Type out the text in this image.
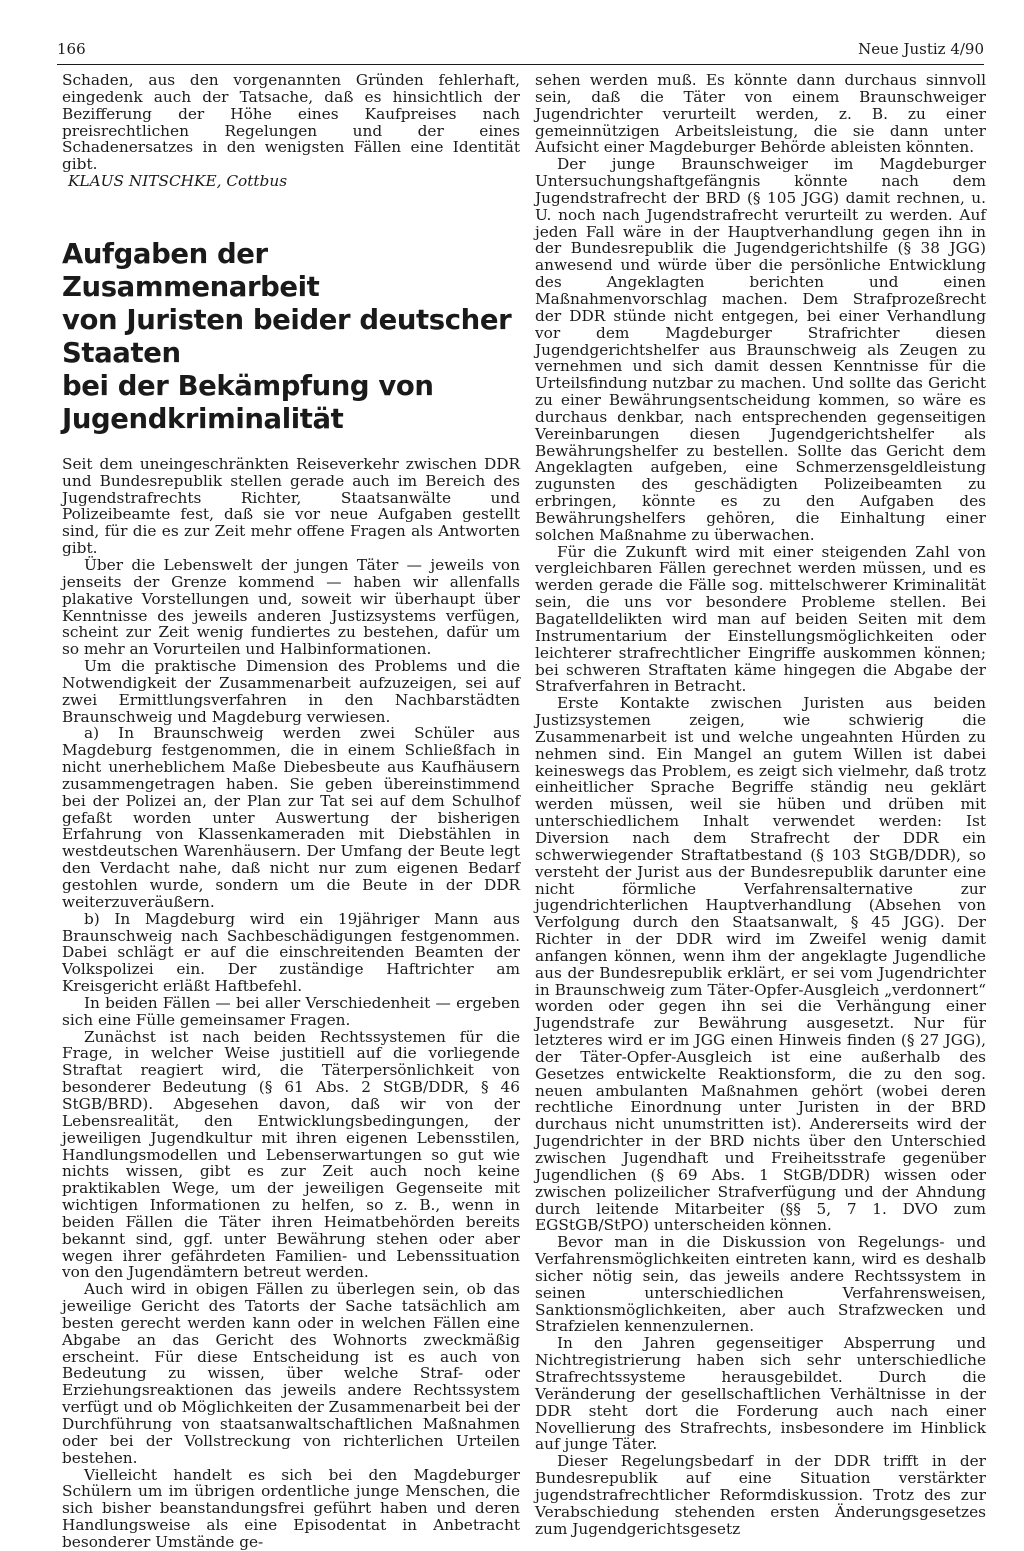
166	Neue Justiz 4/90

Schaden, aus den vorgenannten Gründen fehlerhaft, eingedenk auch der Tatsache, daß es hinsichtlich der Bezifferung der Höhe eines Kaufpreises nach preisrechtlichen Regelungen und der eines Schadenersatzes in den wenigsten Fällen eine Identität gibt.

KLAUS NITSCHKE, Cottbus

Aufgaben der Zusammenarbeit
von Juristen beider deutscher Staaten
bei der Bekämpfung von
Jugendkriminalität

Seit dem uneingeschränkten Reiseverkehr zwischen DDR und Bundesrepublik stellen gerade auch im Bereich des Jugendstrafrechts Richter, Staatsanwälte und Polizeibeamte fest, daß sie vor neue Aufgaben gestellt sind, für die es zur Zeit mehr offene Fragen als Antworten gibt.

Über die Lebenswelt der jungen Täter — jeweils von jenseits der Grenze kommend — haben wir allenfalls plakative Vorstellungen und, soweit wir überhaupt über Kenntnisse des jeweils anderen Justizsystems verfügen, scheint zur Zeit wenig fundiertes zu bestehen, dafür um so mehr an Vorurteilen und Halbinformationen.

Um die praktische Dimension des Problems und die Notwendigkeit der Zusammenarbeit aufzuzeigen, sei auf zwei Ermittlungsverfahren in den Nachbarstädten Braunschweig und Magdeburg verwiesen.

a) In Braunschweig werden zwei Schüler aus Magdeburg festgenommen, die in einem Schließfach in nicht unerheblichem Maße Diebesbeute aus Kaufhäusern zusammengetragen haben. Sie geben übereinstimmend bei der Polizei an, der Plan zur Tat sei auf dem Schulhof gefaßt worden unter Auswertung der bisherigen Erfahrung von Klassenkameraden mit Diebstählen in westdeutschen Warenhäusern. Der Umfang der Beute legt den Verdacht nahe, daß nicht nur zum eigenen Bedarf gestohlen wurde, sondern um die Beute in der DDR weiterzuveräußern.

b) In Magdeburg wird ein 19jähriger Mann aus Braunschweig nach Sachbeschädigungen festgenommen. Dabei schlägt er auf die einschreitenden Beamten der Volkspolizei ein. Der zuständige Haftrichter am Kreisgericht erläßt Haftbefehl.

In beiden Fällen — bei aller Verschiedenheit — ergeben sich eine Fülle gemeinsamer Fragen.

Zunächst ist nach beiden Rechtssystemen für die Frage, in welcher Weise justitiell auf die vorliegende Straftat reagiert wird, die Täterpersönlichkeit von besonderer Bedeutung (§ 61 Abs. 2 StGB/DDR, § 46 StGB/BRD). Abgesehen davon, daß wir von der Lebensrealität, den Entwicklungsbedingungen, der jeweiligen Jugendkultur mit ihren eigenen Lebensstilen, Handlungsmodellen und Lebenserwartungen so gut wie nichts wissen, gibt es zur Zeit auch noch keine praktikablen Wege, um der jeweiligen Gegenseite mit wichtigen Informationen zu helfen, so z. B., wenn in beiden Fällen die Täter ihren Heimatbehörden bereits bekannt sind, ggf. unter Bewährung stehen oder aber wegen ihrer gefährdeten Familien- und Lebenssituation von den Jugendämtern betreut werden.

Auch wird in obigen Fällen zu überlegen sein, ob das jeweilige Gericht des Tatorts der Sache tatsächlich am besten gerecht werden kann oder in welchen Fällen eine Abgabe an das Gericht des Wohnorts zweckmäßig erscheint. Für diese Entscheidung ist es auch von Bedeutung zu wissen, über welche Straf- oder Erziehungsreaktionen das jeweils andere Rechtssystem verfügt und ob Möglichkeiten der Zusammenarbeit bei der Durchführung von staatsanwaltschaftlichen Maßnahmen oder bei der Vollstreckung von richterlichen Urteilen bestehen.

Vielleicht handelt es sich bei den Magdeburger Schülern um im übrigen ordentliche junge Menschen, die sich bisher beanstandungsfrei geführt haben und deren Handlungsweise als eine Episodentat in Anbetracht besonderer Umstände ge-

sehen werden muß. Es könnte dann durchaus sinnvoll sein, daß die Täter von einem Braunschweiger Jugendrichter verurteilt werden, z. B. zu einer gemeinnützigen Arbeitsleistung, die sie dann unter Aufsicht einer Magdeburger Behörde ableisten könnten.

Der junge Braunschweiger im Magdeburger Untersuchungshaftgefängnis könnte nach dem Jugendstrafrecht der BRD (§ 105 JGG) damit rechnen, u. U. noch nach Jugendstrafrecht verurteilt zu werden. Auf jeden Fall wäre in der Hauptverhandlung gegen ihn in der Bundesrepublik die Jugendgerichtshilfe (§ 38 JGG) anwesend und würde über die persönliche Entwicklung des Angeklagten berichten und einen Maßnahmenvorschlag machen. Dem Strafprozeßrecht der DDR stünde nicht entgegen, bei einer Verhandlung vor dem Magdeburger Strafrichter diesen Jugendgerichtshelfer aus Braunschweig als Zeugen zu vernehmen und sich damit dessen Kenntnisse für die Urteilsfindung nutzbar zu machen. Und sollte das Gericht zu einer Bewährungsentscheidung kommen, so wäre es durchaus denkbar, nach entsprechenden gegenseitigen Vereinbarungen diesen Jugendgerichtshelfer als Bewährungshelfer zu bestellen. Sollte das Gericht dem Angeklagten aufgeben, eine Schmerzensgeldleistung zugunsten des geschädigten Polizeibeamten zu erbringen, könnte es zu den Aufgaben des Bewährungshelfers gehören, die Einhaltung einer solchen Maßnahme zu überwachen.

Für die Zukunft wird mit einer steigenden Zahl von vergleichbaren Fällen gerechnet werden müssen, und es werden gerade die Fälle sog. mittelschwerer Kriminalität sein, die uns vor besondere Probleme stellen. Bei Bagatelldelikten wird man auf beiden Seiten mit dem Instrumentarium der Einstellungsmöglichkeiten oder leichterer strafrechtlicher Eingriffe auskommen können; bei schweren Straftaten käme hingegen die Abgabe der Strafverfahren in Betracht.

Erste Kontakte zwischen Juristen aus beiden Justizsystemen zeigen, wie schwierig die Zusammenarbeit ist und welche ungeahnten Hürden zu nehmen sind. Ein Mangel an gutem Willen ist dabei keineswegs das Problem, es zeigt sich vielmehr, daß trotz einheitlicher Sprache Begriffe ständig neu geklärt werden müssen, weil sie hüben und drüben mit unterschiedlichem Inhalt verwendet werden: Ist Diversion nach dem Strafrecht der DDR ein schwerwiegender Straftatbestand (§ 103 StGB/DDR), so versteht der Jurist aus der Bundesrepublik darunter eine nicht förmliche Verfahrensalternative zur jugendrichterlichen Hauptverhandlung (Absehen von Verfolgung durch den Staatsanwalt, § 45 JGG). Der Richter in der DDR wird im Zweifel wenig damit anfangen können, wenn ihm der angeklagte Jugendliche aus der Bundesrepublik erklärt, er sei vom Jugendrichter in Braunschweig zum Täter-Opfer-Ausgleich „verdonnert“ worden oder gegen ihn sei die Verhängung einer Jugendstrafe zur Bewährung ausgesetzt. Nur für letzteres wird er im JGG einen Hinweis finden (§ 27 JGG), der Täter-Opfer-Ausgleich ist eine außerhalb des Gesetzes entwickelte Reaktionsform, die zu den sog. neuen ambulanten Maßnahmen gehört (wobei deren rechtliche Einordnung unter Juristen in der BRD durchaus nicht unumstritten ist). Andererseits wird der Jugendrichter in der BRD nichts über den Unterschied zwischen Jugendhaft und Freiheitsstrafe gegenüber Jugendlichen (§ 69 Abs. 1 StGB/DDR) wissen oder zwischen polizeilicher Strafverfügung und der Ahndung durch leitende Mitarbeiter (§§ 5, 7 1. DVO zum EGStGB/StPO) unterscheiden können.

Bevor man in die Diskussion von Regelungs- und Verfahrensmöglichkeiten eintreten kann, wird es deshalb sicher nötig sein, das jeweils andere Rechtssystem in seinen unterschiedlichen Verfahrensweisen, Sanktionsmöglichkeiten, aber auch Strafzwecken und Strafzielen kennenzulernen.

In den Jahren gegenseitiger Absperrung und Nichtregistrierung haben sich sehr unterschiedliche Strafrechtssysteme herausgebildet. Durch die Veränderung der gesellschaftlichen Verhältnisse in der DDR steht dort die Forderung auch nach einer Novellierung des Strafrechts, insbesondere im Hinblick auf junge Täter.

Dieser Regelungsbedarf in der DDR trifft in der Bundesrepublik auf eine Situation verstärkter jugendstrafrechtlicher Reformdiskussion. Trotz des zur Verabschiedung stehenden ersten Änderungsgesetzes zum Jugendgerichtsgesetz
